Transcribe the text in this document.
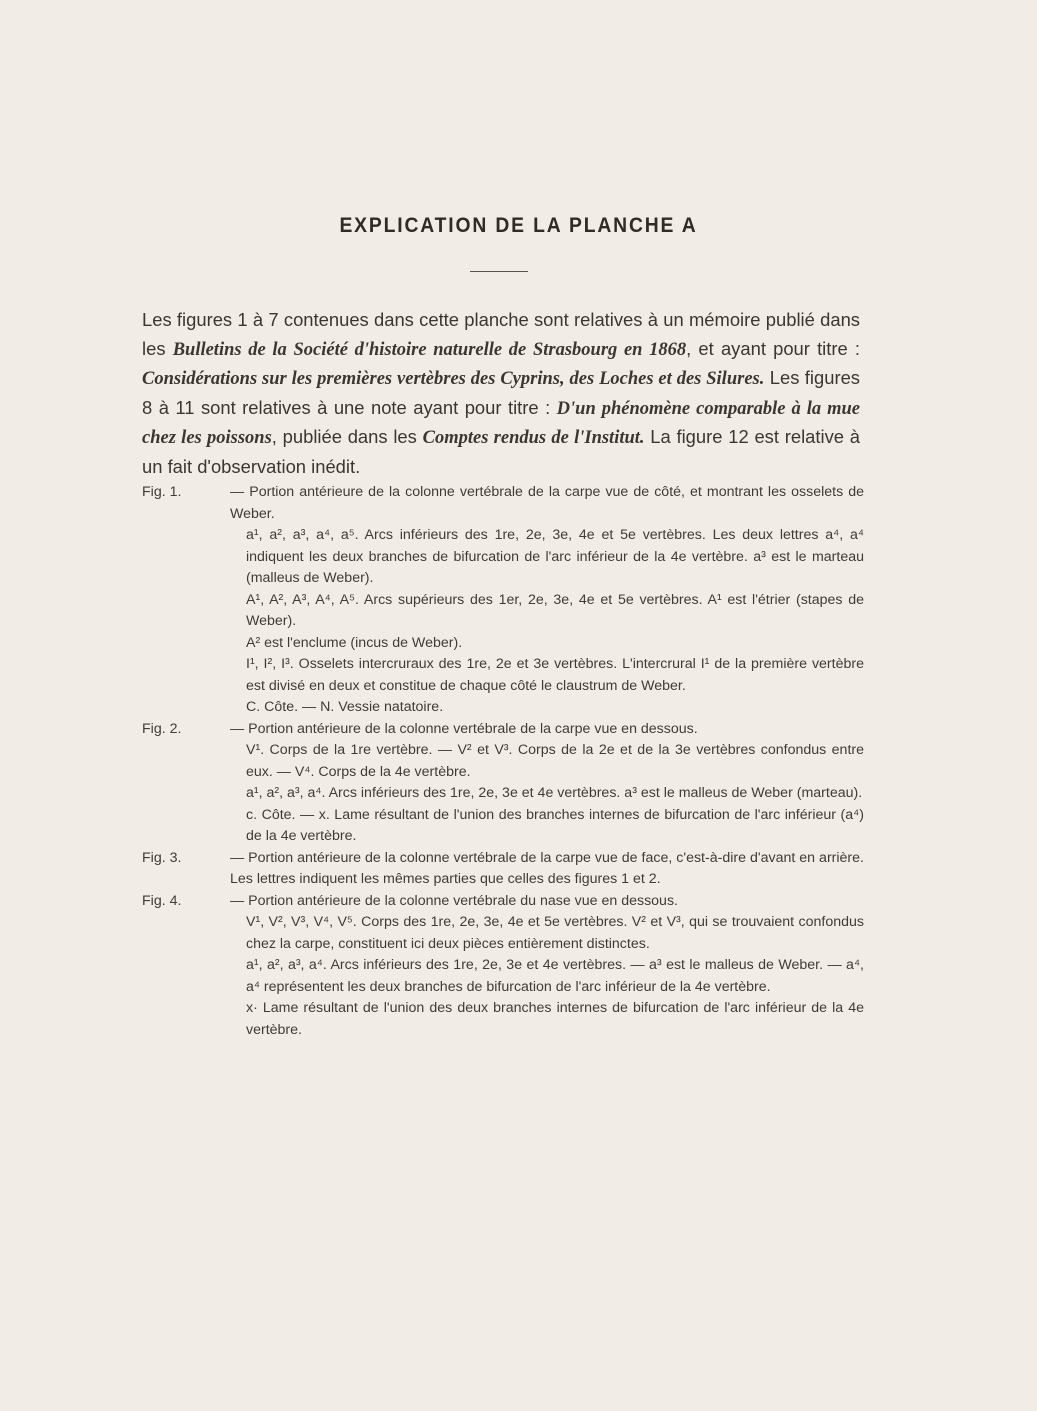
EXPLICATION DE LA PLANCHE A
Les figures 1 à 7 contenues dans cette planche sont relatives à un mémoire publié dans les Bulletins de la Société d'histoire naturelle de Strasbourg en 1868, et ayant pour titre : Considérations sur les premières vertèbres des Cyprins, des Loches et des Silures. Les figures 8 à 11 sont relatives à une note ayant pour titre : D'un phénomène comparable à la mue chez les poissons, publiée dans les Comptes rendus de l'Institut. La figure 12 est relative à un fait d'observation inédit.
Fig. 1.	— Portion antérieure de la colonne vertébrale de la carpe vue de côté, et montrant les osselets de Weber.
a¹, a², a³, a⁴, a⁵. Arcs inférieurs des 1re, 2e, 3e, 4e et 5e vertèbres. Les deux lettres a⁴, a⁴ indiquent les deux branches de bifurcation de l'arc inférieur de la 4e vertèbre. a³ est le marteau (malleus de Weber).
A¹, A², A³, A⁴, A⁵. Arcs supérieurs des 1er, 2e, 3e, 4e et 5e vertèbres. A¹ est l'étrier (stapes de Weber).
A² est l'enclume (incus de Weber).
I¹, I², I³. Osselets intercruraux des 1re, 2e et 3e vertèbres. L'intercrural I¹ de la première vertèbre est divisé en deux et constitue de chaque côté le claustrum de Weber.
C. Côte. — N. Vessie natatoire.
Fig. 2.	— Portion antérieure de la colonne vertébrale de la carpe vue en dessous.
V¹. Corps de la 1re vertèbre. — V² et V³. Corps de la 2e et de la 3e vertèbres confondus entre eux. — V⁴. Corps de la 4e vertèbre.
a¹, a², a³, a⁴. Arcs inférieurs des 1re, 2e, 3e et 4e vertèbres. a³ est le malleus de Weber (marteau).
c. Côte. — x. Lame résultant de l'union des branches internes de bifurcation de l'arc inférieur (a⁴) de la 4e vertèbre.
Fig. 3.	— Portion antérieure de la colonne vertébrale de la carpe vue de face, c'est-à-dire d'avant en arrière. Les lettres indiquent les mêmes parties que celles des figures 1 et 2.
Fig. 4.	— Portion antérieure de la colonne vertébrale du nase vue en dessous.
V¹, V², V³, V⁴, V⁵. Corps des 1re, 2e, 3e, 4e et 5e vertèbres. V² et V³, qui se trouvaient confondus chez la carpe, constituent ici deux pièces entièrement distinctes.
a¹, a², a³, a⁴. Arcs inférieurs des 1re, 2e, 3e et 4e vertèbres. — a³ est le malleus de Weber. — a⁴, a⁴ représentent les deux branches de bifurcation de l'arc inférieur de la 4e vertèbre.
x· Lame résultant de l'union des deux branches internes de bifurcation de l'arc inférieur de la 4e vertèbre.
